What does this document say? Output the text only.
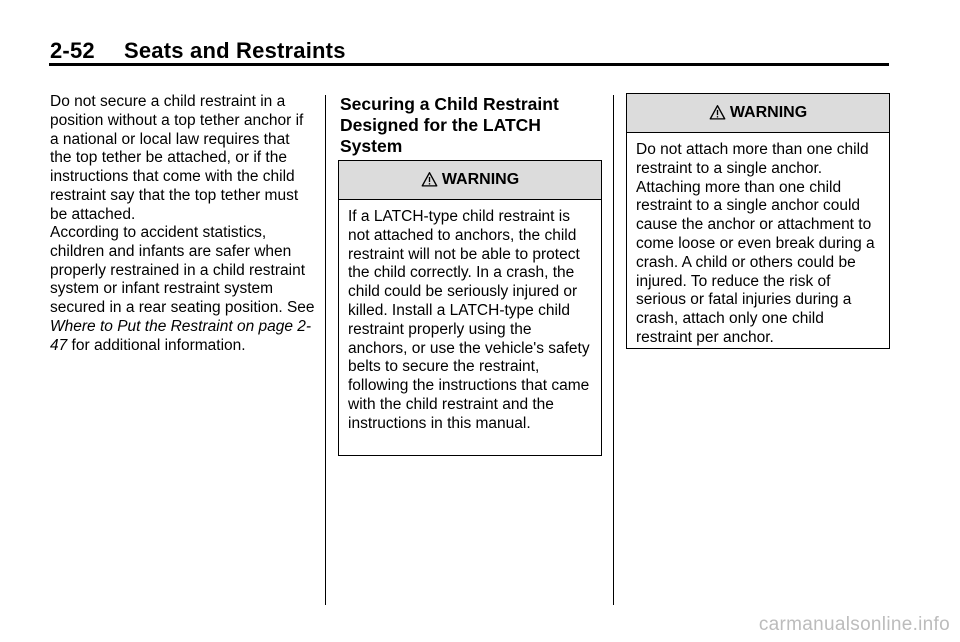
2-52 Seats and Restraints

Do not secure a child restraint in a position without a top tether anchor if a national or local law requires that the top tether be attached, or if the instructions that come with the child restraint say that the top tether must be attached.

According to accident statistics, children and infants are safer when properly restrained in a child restraint system or infant restraint system secured in a rear seating position. See Where to Put the Restraint on page 2-47 for additional information.

Securing a Child Restraint Designed for the LATCH System
WARNING
If a LATCH-type child restraint is not attached to anchors, the child restraint will not be able to protect the child correctly. In a crash, the child could be seriously injured or killed. Install a LATCH-type child restraint properly using the anchors, or use the vehicle's safety belts to secure the restraint, following the instructions that came with the child restraint and the instructions in this manual.
WARNING
Do not attach more than one child restraint to a single anchor. Attaching more than one child restraint to a single anchor could cause the anchor or attachment to come loose or even break during a crash. A child or others could be injured. To reduce the risk of serious or fatal injuries during a crash, attach only one child restraint per anchor.
carmanualsonline.info
